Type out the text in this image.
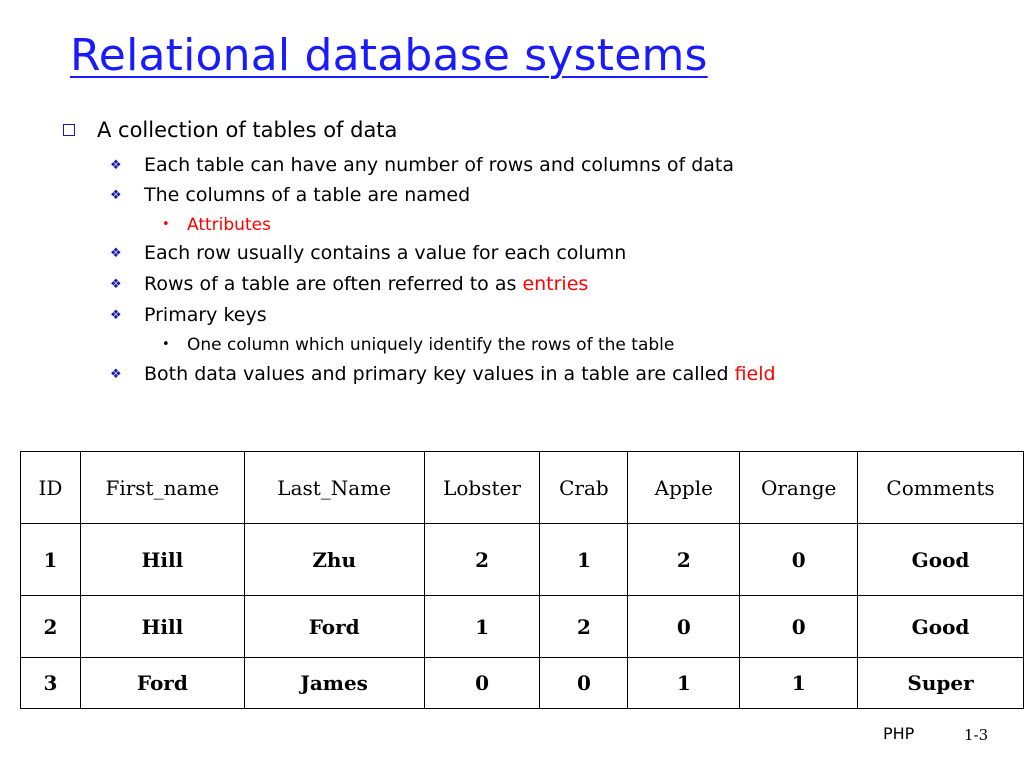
Relational database systems
A collection of tables of data
❖ Each table can have any number of rows and columns of data
❖ The columns of a table are named
• Attributes
❖ Each row usually contains a value for each column
❖ Rows of a table are often referred to as entries
❖ Primary keys
• One column which uniquely identify the rows of the table
❖ Both data values and primary key values in a table are called field
ID	First_name	Last_Name	Lobster	Crab	Apple	Orange	Comments
1	Hill	Zhu	2	1	2	0	Good
2	Hill	Ford	1	2	0	0	Good
3	Ford	James	0	0	1	1	Super
PHP	1-3
